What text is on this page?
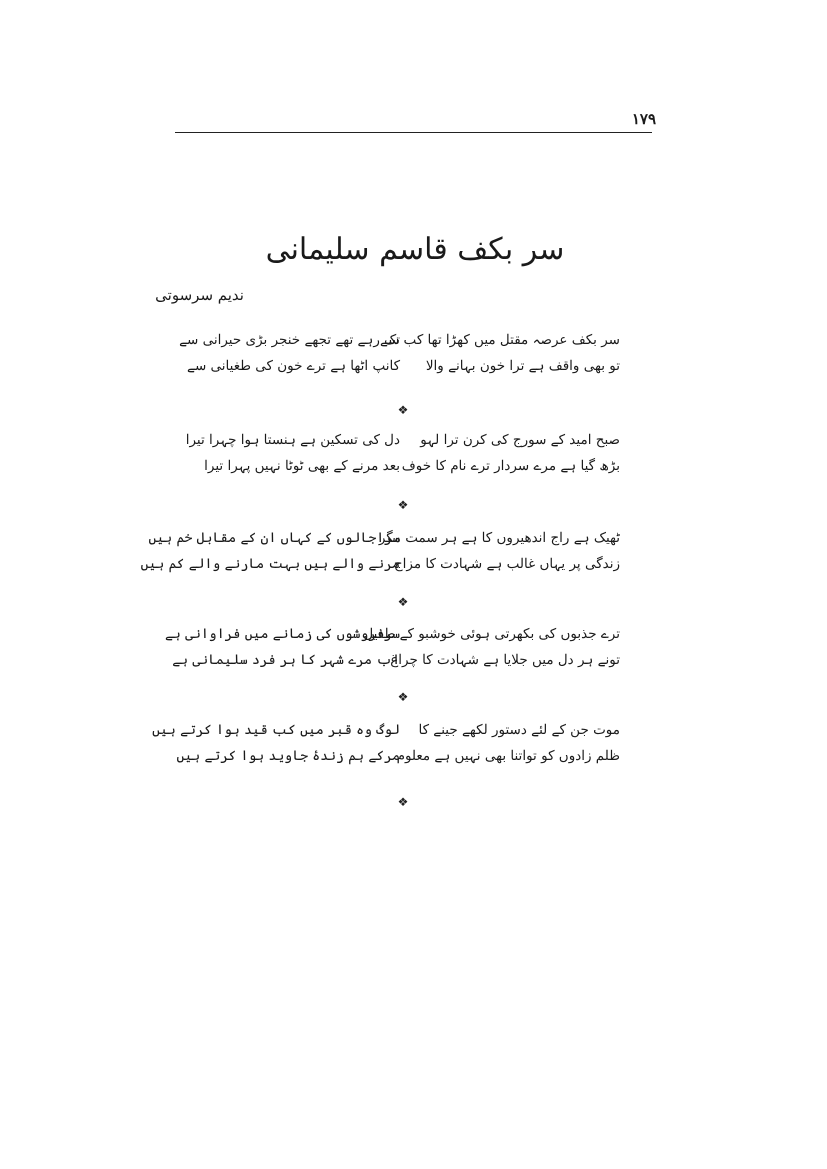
۱۷۹
سر بکف قاسم سلیمانی
ندیم سرسوتی
سر بکف عرصہ مقتل میں کھڑا تھا کب سے
تک رہے تھے تجھے خنجر بڑی حیرانی سے
تو بھی واقف ہے ترا خون بہانے والا
کانپ اٹھا ہے ترے خون کی طغیانی سے
❖
صبح امید کے سورج کی کرن ترا لہو
دل کی تسکین ہے ہنستا ہوا چہرا تیرا
بڑھ گیا ہے مرے سردار ترے نام کا خوف
بعد مرنے کے بھی ٹوٹا نہیں پہرا تیرا
❖
ٹھیک ہے راج اندھیروں کا ہے ہر سمت مگر
سراجالوں کے کہاں ان کے مقابل خم ہیں
زندگی پر یہاں غالب ہے شہادت کا مزاج
مرنے والے ہیں بہت مارنے والے کم ہیں
❖
ترے جذبوں کی بکھرتی ہوئی خوشبو کے طفیل
سرفروشوں کی زمانے میں فراوانی ہے
تونے ہر دل میں جلایا ہے شہادت کا چراغ
اب مرے شہر کا ہر فرد سلیمانی ہے
❖
موت جن کے لئے دستور لکھے جینے کا
لوگ وہ قبر میں کب قید ہوا کرتے ہیں
ظلم زادوں کو تواتنا بھی نہیں ہے معلوم
مرکے ہم زندۂ جاوید ہوا کرتے ہیں
❖
